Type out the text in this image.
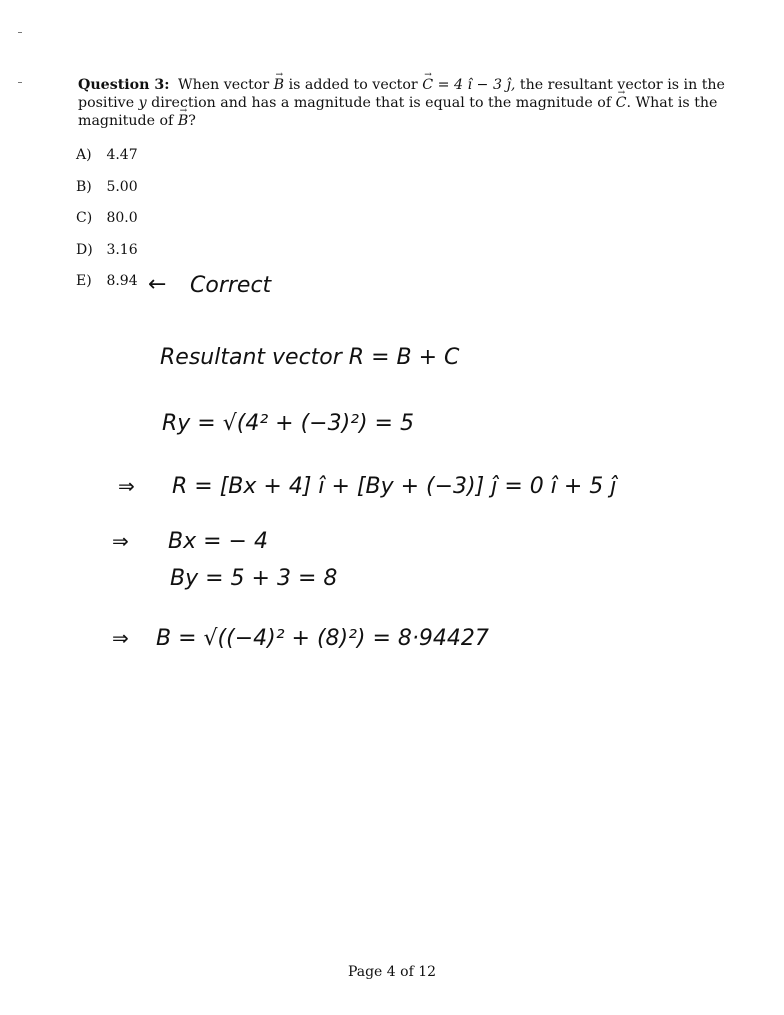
Question 3: When vector → B is added to vector → C = 4 î − 3 ĵ, the resultant vector is in the positive y direction and has a magnitude that is equal to the magnitude of → C. What is the magnitude of → B?
A) 4.47
B) 5.00
C) 80.0
D) 3.16
E) 8.94 ← Correct
Resultant vector R = B + C
Ry = √(4² + (−3)²) = 5
⇒ R = [Bx + 4] î + [By + (−3)] ĵ = 0 î + 5 ĵ
⇒ Bx = − 4
By = 5 + 3 = 8
⇒ B = √((−4)² + (8)²) = 8·94427
Page 4 of 12
